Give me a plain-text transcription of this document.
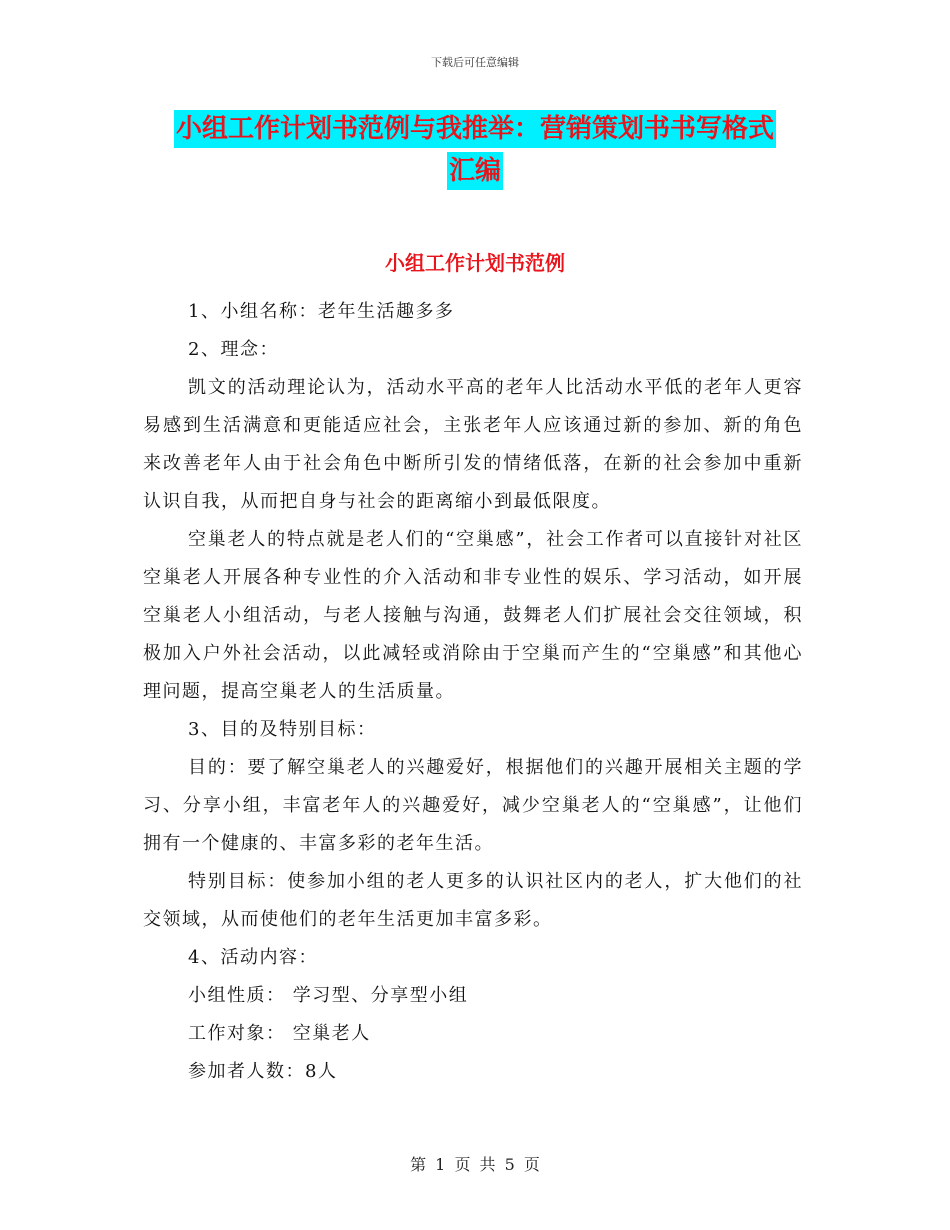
下载后可任意编辑
小组工作计划书范例与我推举：营销策划书书写格式
汇编
小组工作计划书范例

1、小组名称：老年生活趣多多

2、理念：

凯文的活动理论认为，活动水平高的老年人比活动水平低的老年人更容易感到生活满意和更能适应社会，主张老年人应该通过新的参加、新的角色来改善老年人由于社会角色中断所引发的情绪低落，在新的社会参加中重新认识自我，从而把自身与社会的距离缩小到最低限度。

空巢老人的特点就是老人们的“空巢感”，社会工作者可以直接针对社区空巢老人开展各种专业性的介入活动和非专业性的娱乐、学习活动，如开展空巢老人小组活动，与老人接触与沟通，鼓舞老人们扩展社会交往领域，积极加入户外社会活动，以此减轻或消除由于空巢而产生的“空巢感”和其他心理问题，提高空巢老人的生活质量。

3、目的及特别目标：

目的：要了解空巢老人的兴趣爱好，根据他们的兴趣开展相关主题的学习、分享小组，丰富老年人的兴趣爱好，减少空巢老人的“空巢感”，让他们拥有一个健康的、丰富多彩的老年生活。

特别目标：使参加小组的老人更多的认识社区内的老人，扩大他们的社交领域，从而使他们的老年生活更加丰富多彩。

4、活动内容：

小组性质： 学习型、分享型小组

工作对象： 空巢老人

参加者人数：8人

第 1 页 共 5 页
